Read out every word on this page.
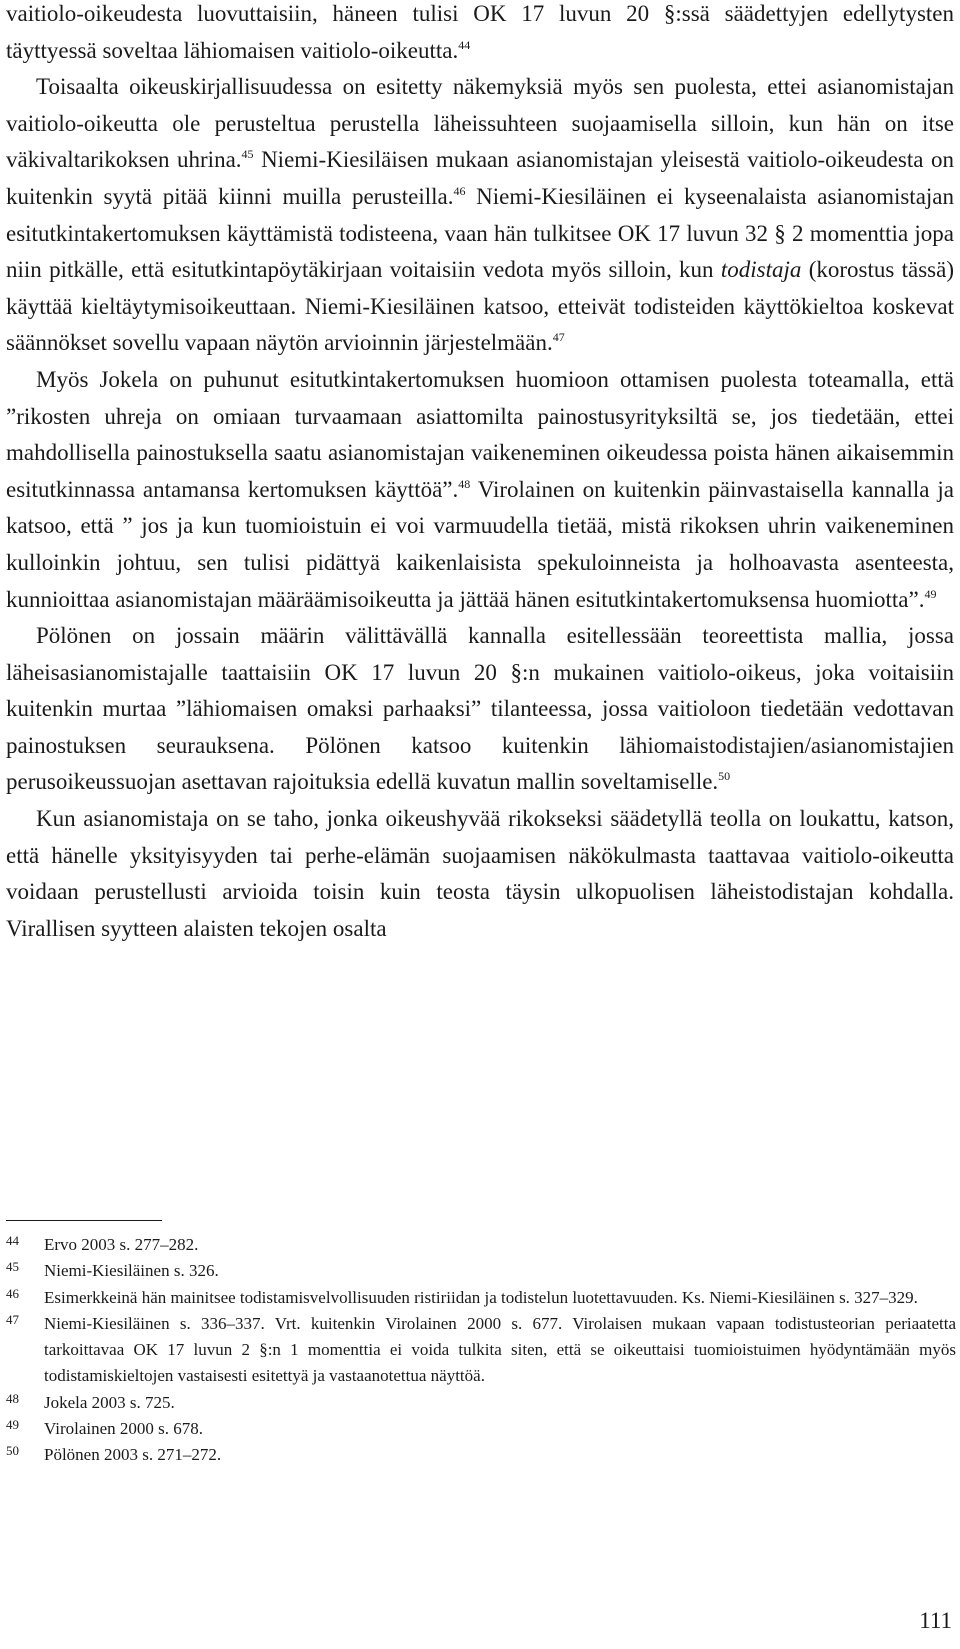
vaitiolo-oikeudesta luovuttaisiin, häneen tulisi OK 17 luvun 20 §:ssä säädettyjen edellytysten täyttyessä soveltaa lähiomaisen vaitiolo-oikeutta.$^{44}$

Toisaalta oikeuskirjallisuudessa on esitetty näkemyksiä myös sen puolesta, ettei asianomistajan vaitiolo-oikeutta ole perusteltua perustella läheissuhteen suojaamisella silloin, kun hän on itse väkivaltarikoksen uhrina.$^{45}$ Niemi-Kiesiläisen mukaan asianomistajan yleisestä vaitiolo-oikeudesta on kuitenkin syytä pitää kiinni muilla perusteilla.$^{46}$ Niemi-Kiesiläinen ei kyseenalaista asianomistajan esitutkintakertomuksen käyttämistä todisteena, vaan hän tulkitsee OK 17 luvun 32 § 2 momenttia jopa niin pitkälle, että esitutkintapöytäkirjaan voitaisiin vedota myös silloin, kun todistaja (korostus tässä) käyttää kieltäytymisoikeuttaan. Niemi-Kiesiläinen katsoo, etteivät todisteiden käyttökieltoa koskevat säännökset sovellu vapaan näytön arvioinnin järjestelmään.$^{47}$

Myös Jokela on puhunut esitutkintakertomuksen huomioon ottamisen puolesta toteamalla, että ”rikosten uhreja on omiaan turvaamaan asiattomilta painostusyrityksiltä se, jos tiedetään, ettei mahdollisella painostuksella saatu asianomistajan vaikeneminen oikeudessa poista hänen aikaisemmin esitutkinnassa antamansa kertomuksen käyttöä”.$^{48}$ Virolainen on kuitenkin päinvastaisella kannalla ja katsoo, että ” jos ja kun tuomioistuin ei voi varmuudella tietää, mistä rikoksen uhrin vaikeneminen kulloinkin johtuu, sen tulisi pidättyä kaikenlaisista spekuloinneista ja holhoavasta asenteesta, kunnioittaa asianomistajan määräämisoikeutta ja jättää hänen esitutkintakertomuksensa huomiotta”.$^{49}$

Pölönen on jossain määrin välittävällä kannalla esitellessään teoreettista mallia, jossa läheisasianomistajalle taattaisiin OK 17 luvun 20 §:n mukainen vaitiolo-oikeus, joka voitaisiin kuitenkin murtaa ”lähiomaisen omaksi parhaaksi” tilanteessa, jossa vaitioloon tiedetään vedottavan painostuksen seurauksena. Pölönen katsoo kuitenkin lähiomaistodistajien/asianomistajien perusoikeussuojan asettavan rajoituksia edellä kuvatun mallin soveltamiselle.$^{50}$

Kun asianomistaja on se taho, jonka oikeushyvää rikokseksi säädetyllä teolla on loukattu, katson, että hänelle yksityisyyden tai perhe-elämän suojaamisen näkökulmasta taattavaa vaitiolo-oikeutta voidaan perustellusti arvioida toisin kuin teosta täysin ulkopuolisen läheistodistajan kohdalla. Virallisen syytteen alaisten tekojen osalta

44	Ervo 2003 s. 277–282.
45	Niemi-Kiesiläinen s. 326.
46	Esimerkkeinä hän mainitsee todistamisvelvollisuuden ristiriidan ja todistelun luotettavuuden. Ks. Niemi-Kiesiläinen s. 327–329.
47	Niemi-Kiesiläinen s. 336–337. Vrt. kuitenkin Virolainen 2000 s. 677. Virolaisen mukaan vapaan todistusteorian periaatetta tarkoittavaa OK 17 luvun 2 §:n 1 momenttia ei voida tulkita siten, että se oikeuttaisi tuomioistuimen hyödyntämään myös todistamiskieltojen vastaisesti esitettyä ja vastaanotettua näyttöä.
48	Jokela 2003 s. 725.
49	Virolainen 2000 s. 678.
50	Pölönen 2003 s. 271–272.
111
